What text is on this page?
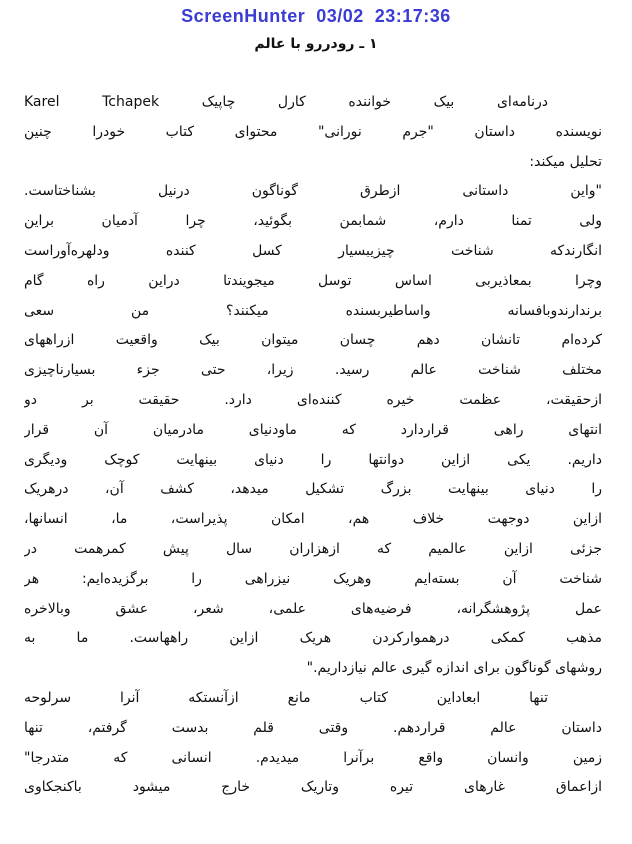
ScreenHunter  03/02  23:17:36
۱ ـ رودررو با عالم
درنامه‌ای بیک خواننده کارل چاپیک Karel Tchapek
نویسنده داستان "جرم نورانی" محتوای کتاب خودرا چنین
تحلیل میکند:
"واین داستانی ازطرق گوناگون درنیل بشناختاست.
ولی تمنا دارم، شمابمن بگوئید، چرا آدمیان براین
انگارندکه شناخت چیزیبسیار کسل کننده ودلهره‌آوراست
وچرا بمعاذیربی اساس توسل میجویندتا دراین راه گام
برندارندوبافسانه واساطیربسنده میکنند؟ من سعی
کرده‌ام تانشان دهم چسان میتوان بیک واقعیت ازراههای
مختلف شناخت عالم رسید. زیرا، حتی جزء بسیارناچیزی
ازحقیقت، عظمت خیره کننده‌ای دارد. حقیقت بر دو
انتهای راهی قراردارد که ماودنیای مادرمیان آن قرار
داریم. یکی ازاین دوانتها را دنیای بینهایت کوچک ودیگری
را دنیای بینهایت بزرگ تشکیل میدهد، کشف آن، درهریک
ازاین دوجهت خلاف هم، امکان پذیراست، ما، انسانها،
جزئی ازاین عالمیم که ازهزاران سال پیش کمرهمت در
شناخت آن بسته‌ایم وهریک نیزراهی را برگزیده‌ایم: هر
عمل پژوهشگرانه، فرضیه‌های علمی، شعر، عشق وبالاخره
مذهب کمکی درهموارکردن هریک ازاین راههاست. ما به
روشهای گوناگون برای اندازه گیری عالم نیازداریم."
تنها ابعاداین کتاب مانع ازآنستکه آنرا سرلوحه
داستان عالم قراردهم. وقتی قلم بدست گرفتم، تنها
زمین وانسان واقع برآنرا میدیدم. انسانی که متدرجا"
ازاعماق غارهای تیره وتاریک خارج میشود باکنجکاوی
